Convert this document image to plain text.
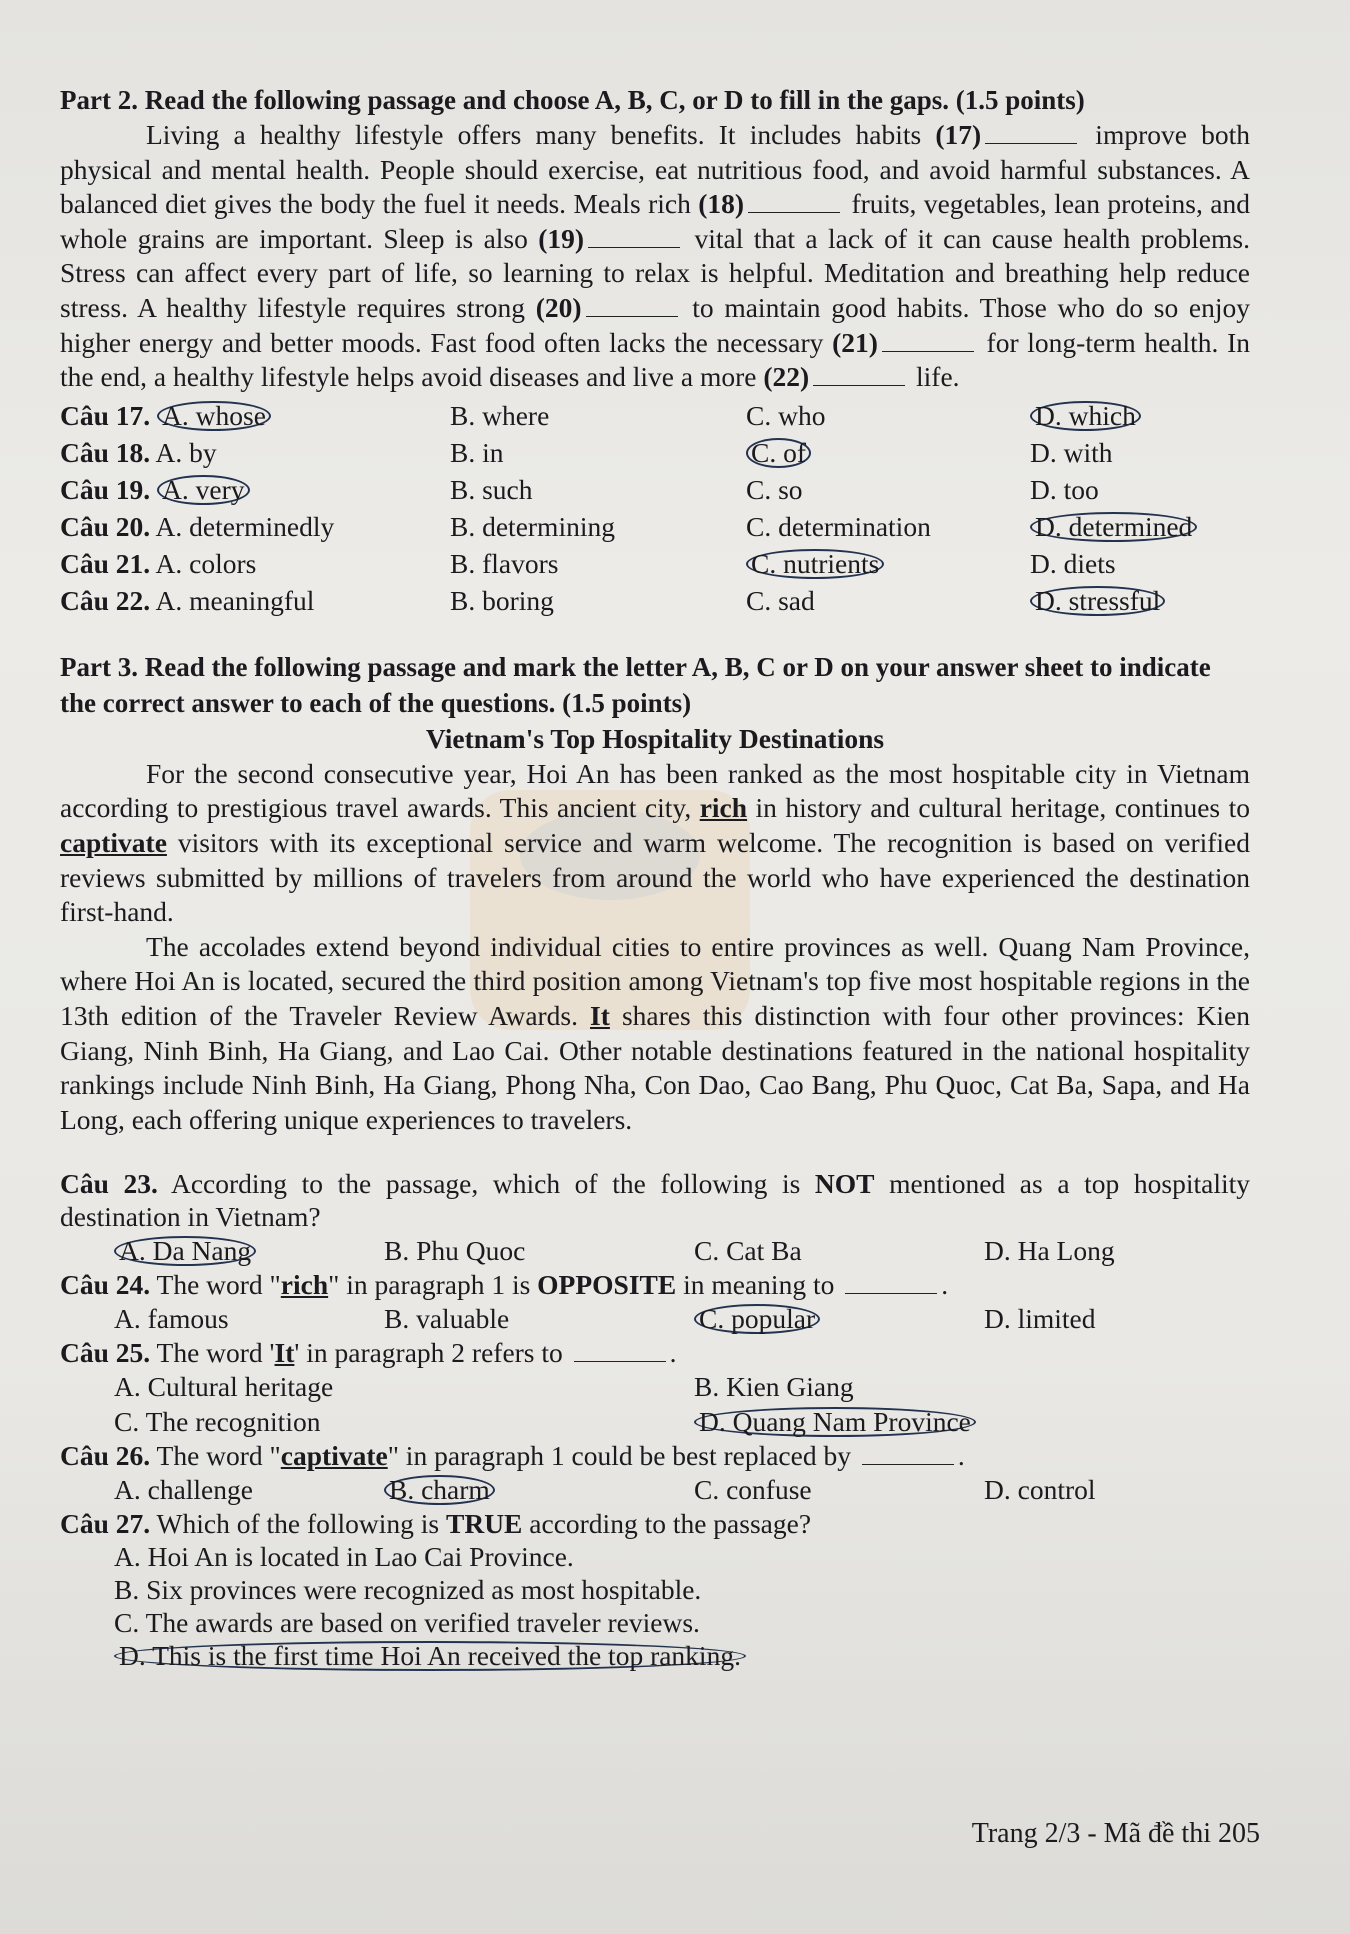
Part 2. Read the following passage and choose A, B, C, or D to fill in the gaps. (1.5 points)

Living a healthy lifestyle offers many benefits. It includes habits (17)	improve both physical and mental health. People should exercise, eat nutritious food, and avoid harmful substances. A balanced diet gives the body the fuel it needs. Meals rich (18)	fruits, vegetables, lean proteins, and whole grains are important. Sleep is also (19)	vital that a lack of it can cause health problems. Stress can affect every part of life, so learning to relax is helpful. Meditation and breathing help reduce stress. A healthy lifestyle requires strong (20)	to maintain good habits. Those who do so enjoy higher energy and better moods. Fast food often lacks the necessary (21)	for long-term health. In the end, a healthy lifestyle helps avoid diseases and live a more (22)	life.

Câu 17. A. whose	B. where	C. who	D. which
Câu 18. A. by	B. in	C. of	D. with
Câu 19. A. very	B. such	C. so	D. too
Câu 20. A. determinedly	B. determining	C. determination	D. determined
Câu 21. A. colors	B. flavors	C. nutrients	D. diets
Câu 22. A. meaningful	B. boring	C. sad	D. stressful

Part 3. Read the following passage and mark the letter A, B, C or D on your answer sheet to indicate the correct answer to each of the questions. (1.5 points)

Vietnam's Top Hospitality Destinations

For the second consecutive year, Hoi An has been ranked as the most hospitable city in Vietnam according to prestigious travel awards. This ancient city, rich in history and cultural heritage, continues to captivate visitors with its exceptional service and warm welcome. The recognition is based on verified reviews submitted by millions of travelers from around the world who have experienced the destination first-hand.

The accolades extend beyond individual cities to entire provinces as well. Quang Nam Province, where Hoi An is located, secured the third position among Vietnam's top five most hospitable regions in the 13th edition of the Traveler Review Awards. It shares this distinction with four other provinces: Kien Giang, Ninh Binh, Ha Giang, and Lao Cai. Other notable destinations featured in the national hospitality rankings include Ninh Binh, Ha Giang, Phong Nha, Con Dao, Cao Bang, Phu Quoc, Cat Ba, Sapa, and Ha Long, each offering unique experiences to travelers.

Câu 23. According to the passage, which of the following is NOT mentioned as a top hospitality destination in Vietnam?

A. Da Nang	B. Phu Quoc	C. Cat Ba	D. Ha Long

Câu 24. The word "rich" in paragraph 1 is OPPOSITE in meaning to	.

A. famous	B. valuable	C. popular	D. limited

Câu 25. The word 'It' in paragraph 2 refers to	.

A. Cultural heritage	B. Kien Giang
C. The recognition	D. Quang Nam Province

Câu 26. The word "captivate" in paragraph 1 could be best replaced by	.

A. challenge	B. charm	C. confuse	D. control

Câu 27. Which of the following is TRUE according to the passage?

A. Hoi An is located in Lao Cai Province.
B. Six provinces were recognized as most hospitable.
C. The awards are based on verified traveler reviews.
D. This is the first time Hoi An received the top ranking.
Trang 2/3 - Mã đề thi 205
